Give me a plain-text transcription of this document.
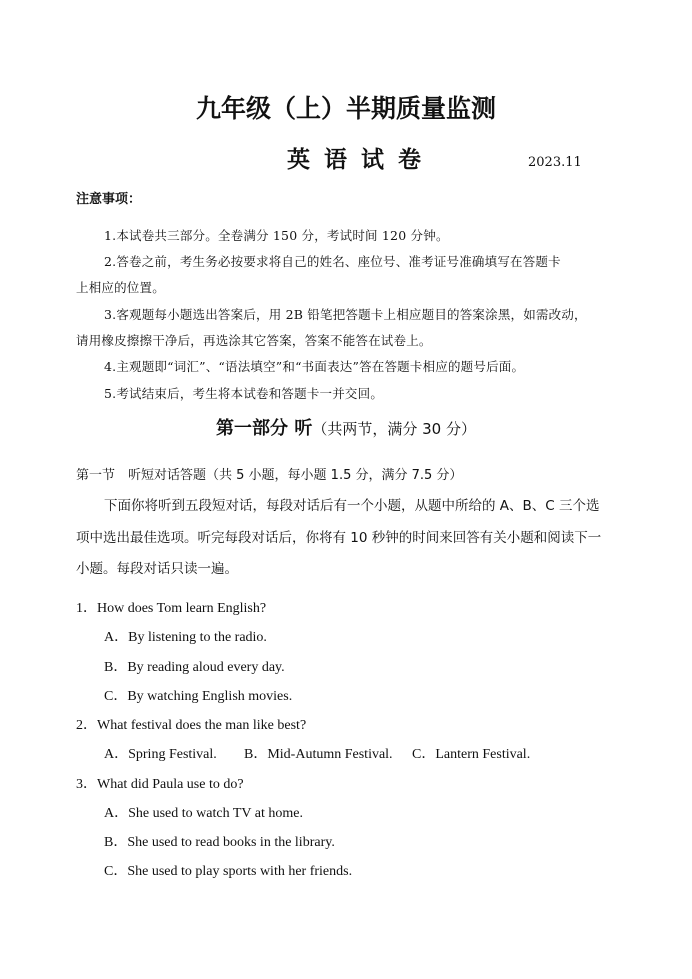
九年级（上）半期质量监测
英语试卷	2023.11
注意事项：
1.本试卷共三部分。全卷满分 150 分，考试时间 120 分钟。
2.答卷之前，考生务必按要求将自己的姓名、座位号、准考证号准确填写在答题卡
上相应的位置。
3.客观题每小题选出答案后，用 2B 铅笔把答题卡上相应题目的答案涂黑，如需改动，
请用橡皮擦擦干净后，再选涂其它答案，答案不能答在试卷上。
4.主观题即“词汇”、“语法填空”和“书面表达”答在答题卡相应的题号后面。
5.考试结束后，考生将本试卷和答题卡一并交回。
第一部分 听（共两节，满分 30 分）
第一节　听短对话答题（共 5 小题，每小题 1.5 分，满分 7.5 分）
下面你将听到五段短对话，每段对话后有一个小题，从题中所给的 A、B、C 三个选
项中选出最佳选项。听完每段对话后，你将有 10 秒钟的时间来回答有关小题和阅读下一
小题。每段对话只读一遍。
1．How does Tom learn English?
A．By listening to the radio.
B．By reading aloud every day.
C．By watching English movies.
2．What festival does the man like best?
A．Spring Festival. B．Mid-Autumn Festival. C．Lantern Festival.
3．What did Paula use to do?
A．She used to watch TV at home.
B．She used to read books in the library.
C．She used to play sports with her friends.
